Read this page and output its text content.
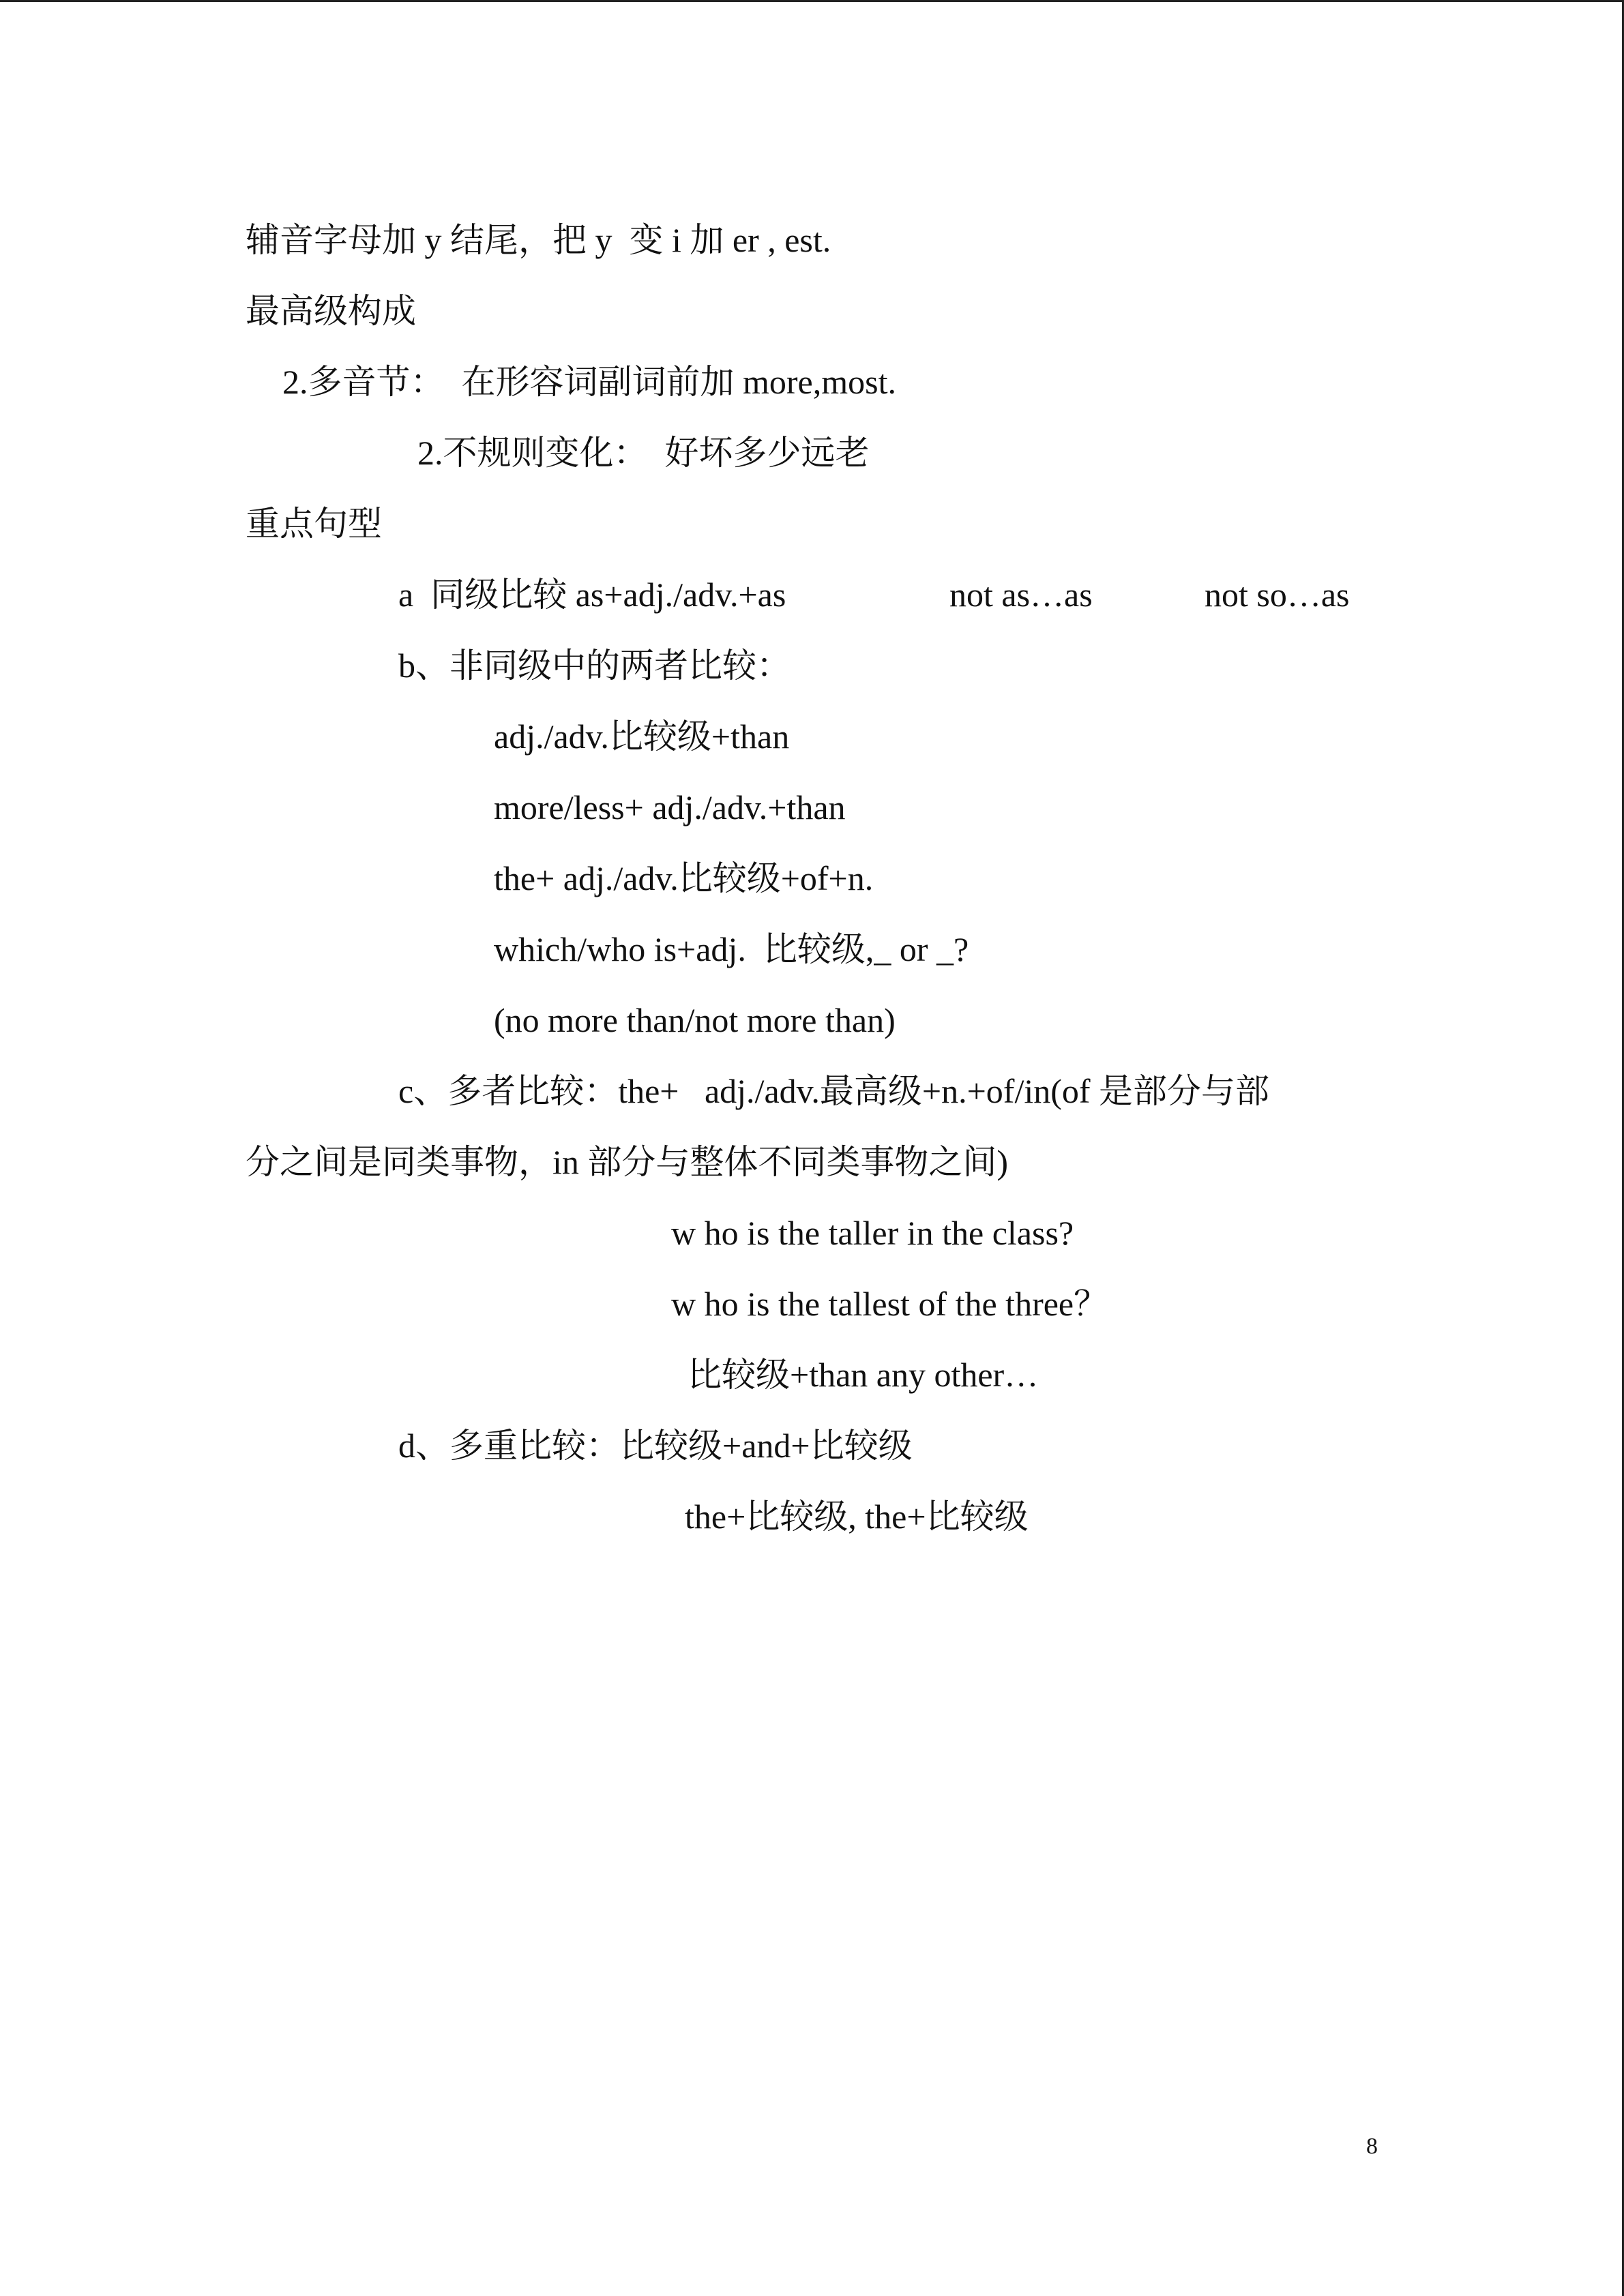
辅音字母加 y 结尾，把 y  变 i 加 er , est.

最高级构成

2.多音节：  在形容词副词前加 more,most.

2.不规则变化：  好坏多少远老

重点句型

a  同级比较 as+adj./adv.+as	not as…as	not so…as

b、非同级中的两者比较：

adj./adv.比较级+than

more/less+ adj./adv.+than

the+ adj./adv.比较级+of+n.

which/who is+adj.  比较级,_ or _?

(no more than/not more than)

c、多者比较：the+   adj./adv.最高级+n.+of/in(of 是部分与部

分之间是同类事物，in 部分与整体不同类事物之间)

w ho is the taller in the class?

w ho is the tallest of the three？

比较级+than any other…

d、多重比较：比较级+and+比较级

the+比较级, the+比较级

8
